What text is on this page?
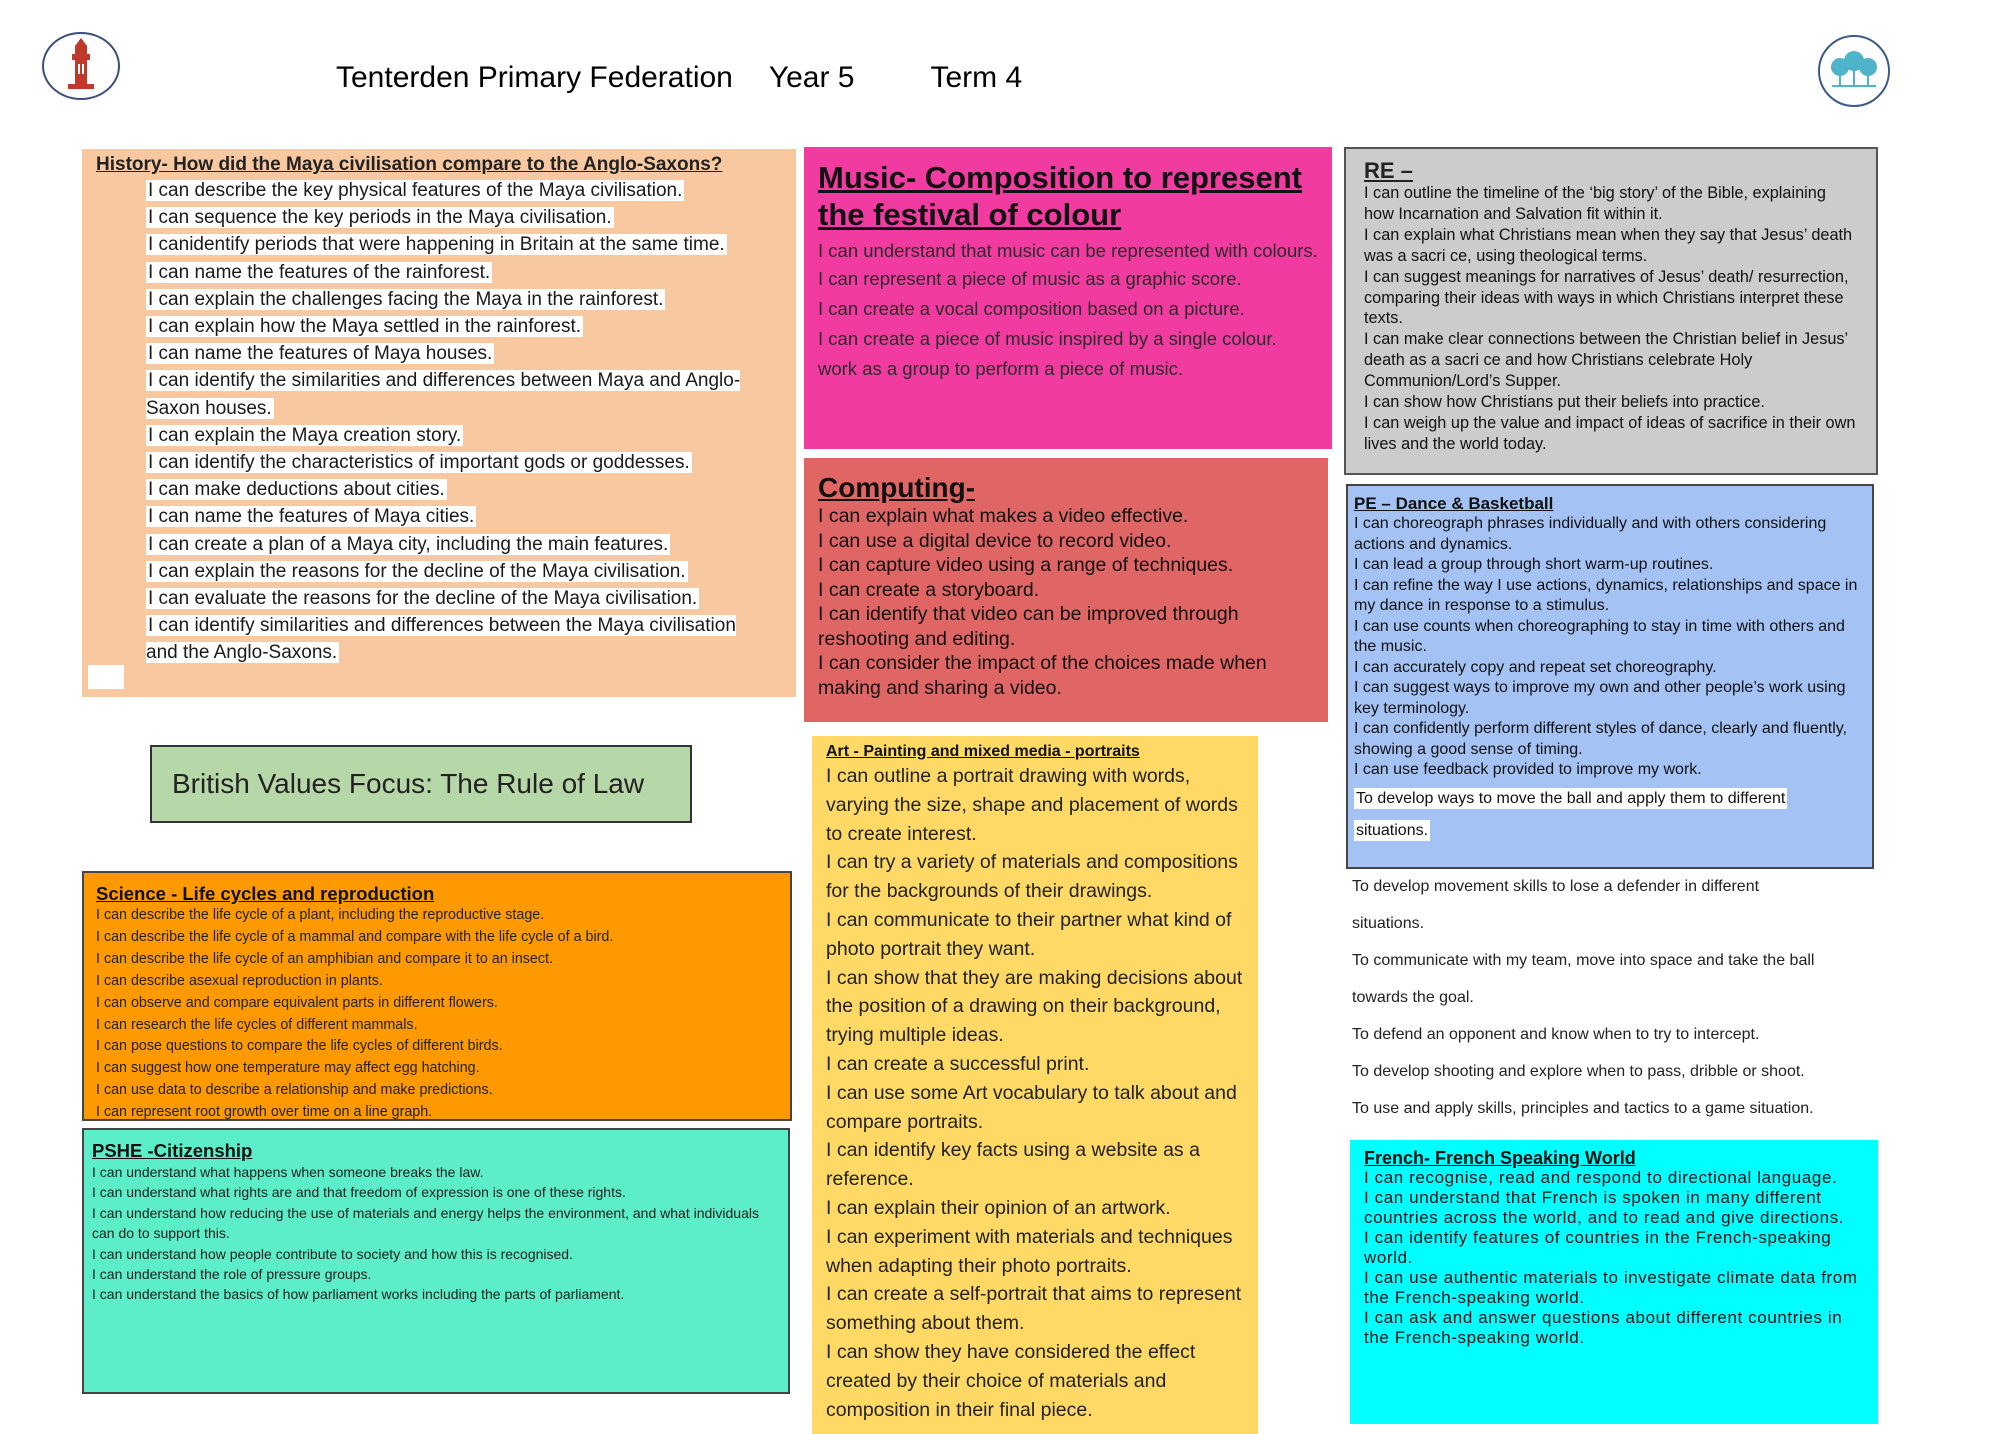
Tenterden Primary Federation Year 5	Term 4
History- How did the Maya civilisation compare to the Anglo-Saxons?
I can describe the key physical features of the Maya civilisation.
I can sequence the key periods in the Maya civilisation.
I canidentify periods that were happening in Britain at the same time.
I can name the features of the rainforest.
I can explain the challenges facing the Maya in the rainforest.
I can explain how the Maya settled in the rainforest.
I can name the features of Maya houses.
I can identify the similarities and differences between Maya and Anglo-Saxon houses.
I can explain the Maya creation story.
I can identify the characteristics of important gods or goddesses.
I can make deductions about cities.
I can name the features of Maya cities.
I can create a plan of a Maya city, including the main features.
I can explain the reasons for the decline of the Maya civilisation.
I can evaluate the reasons for the decline of the Maya civilisation.
I can identify similarities and differences between the Maya civilisation and the Anglo-Saxons.
Music- Composition to represent the festival of colour
I can understand that music can be represented with colours.
I can represent a piece of music as a graphic score.
I can create a vocal composition based on a picture.
I can create a piece of music inspired by a single colour.
work as a group to perform a piece of music.
Computing-
I can explain what makes a video effective.
I can use a digital device to record video.
I can capture video using a range of techniques.
I can create a storyboard.
I can identify that video can be improved through reshooting and editing.
I can consider the impact of the choices made when making and sharing a video.
RE –
I can outline the timeline of the ‘big story’ of the Bible, explaining how Incarnation and Salvation fit within it.
I can explain what Christians mean when they say that Jesus’ death was a sacri ce, using theological terms.
I can suggest meanings for narratives of Jesus’ death/ resurrection, comparing their ideas with ways in which Christians interpret these texts.
I can make clear connections between the Christian belief in Jesus’ death as a sacri ce and how Christians celebrate Holy Communion/Lord’s Supper.
I can show how Christians put their beliefs into practice.
I can weigh up the value and impact of ideas of sacrifice in their own lives and the world today.
PE – Dance & Basketball
I can choreograph phrases individually and with others considering actions and dynamics.
I can lead a group through short warm-up routines.
I can refine the way I use actions, dynamics, relationships and space in my dance in response to a stimulus.
I can use counts when choreographing to stay in time with others and the music.
I can accurately copy and repeat set choreography.
I can suggest ways to improve my own and other people’s work using key terminology.
I can confidently perform different styles of dance, clearly and fluently, showing a good sense of timing.
I can use feedback provided to improve my work.
To develop ways to move the ball and apply them to different
situations.
To develop movement skills to lose a defender in different
situations.
To communicate with my team, move into space and take the ball
towards the goal.
To defend an opponent and know when to try to intercept.
To develop shooting and explore when to pass, dribble or shoot.
To use and apply skills, principles and tactics to a game situation.
British Values Focus: The Rule of Law
Science - Life cycles and reproduction
I can describe the life cycle of a plant, including the reproductive stage.
I can describe the life cycle of a mammal and compare with the life cycle of a bird.
I can describe the life cycle of an amphibian and compare it to an insect.
I can describe asexual reproduction in plants.
I can observe and compare equivalent parts in different flowers.
I can research the life cycles of different mammals.
I can pose questions to compare the life cycles of different birds.
I can suggest how one temperature may affect egg hatching.
I can use data to describe a relationship and make predictions.
I can represent root growth over time on a line graph.
PSHE -Citizenship
I can understand what happens when someone breaks the law.
I can understand what rights are and that freedom of expression is one of these rights.
I can understand how reducing the use of materials and energy helps the environment, and what individuals can do to support this.
I can understand how people contribute to society and how this is recognised.
I can understand the role of pressure groups.
I can understand the basics of how parliament works including the parts of parliament.
Art - Painting and mixed media - portraits
I can outline a portrait drawing with words, varying the size, shape and placement of words to create interest.
I can try a variety of materials and compositions for the backgrounds of their drawings.
I can communicate to their partner what kind of photo portrait they want.
I can show that they are making decisions about the position of a drawing on their background, trying multiple ideas.
I can create a successful print.
I can use some Art vocabulary to talk about and compare portraits.
I can identify key facts using a website as a reference.
I can explain their opinion of an artwork.
I can experiment with materials and techniques when adapting their photo portraits.
I can create a self-portrait that aims to represent something about them.
I can show they have considered the effect created by their choice of materials and composition in their final piece.
French- French Speaking World
I can recognise, read and respond to directional language.
I can understand that French is spoken in many different countries across the world, and to read and give directions.
I can identify features of countries in the French-speaking world.
I can use authentic materials to investigate climate data from the French-speaking world.
I can ask and answer questions about different countries in the French-speaking world.
